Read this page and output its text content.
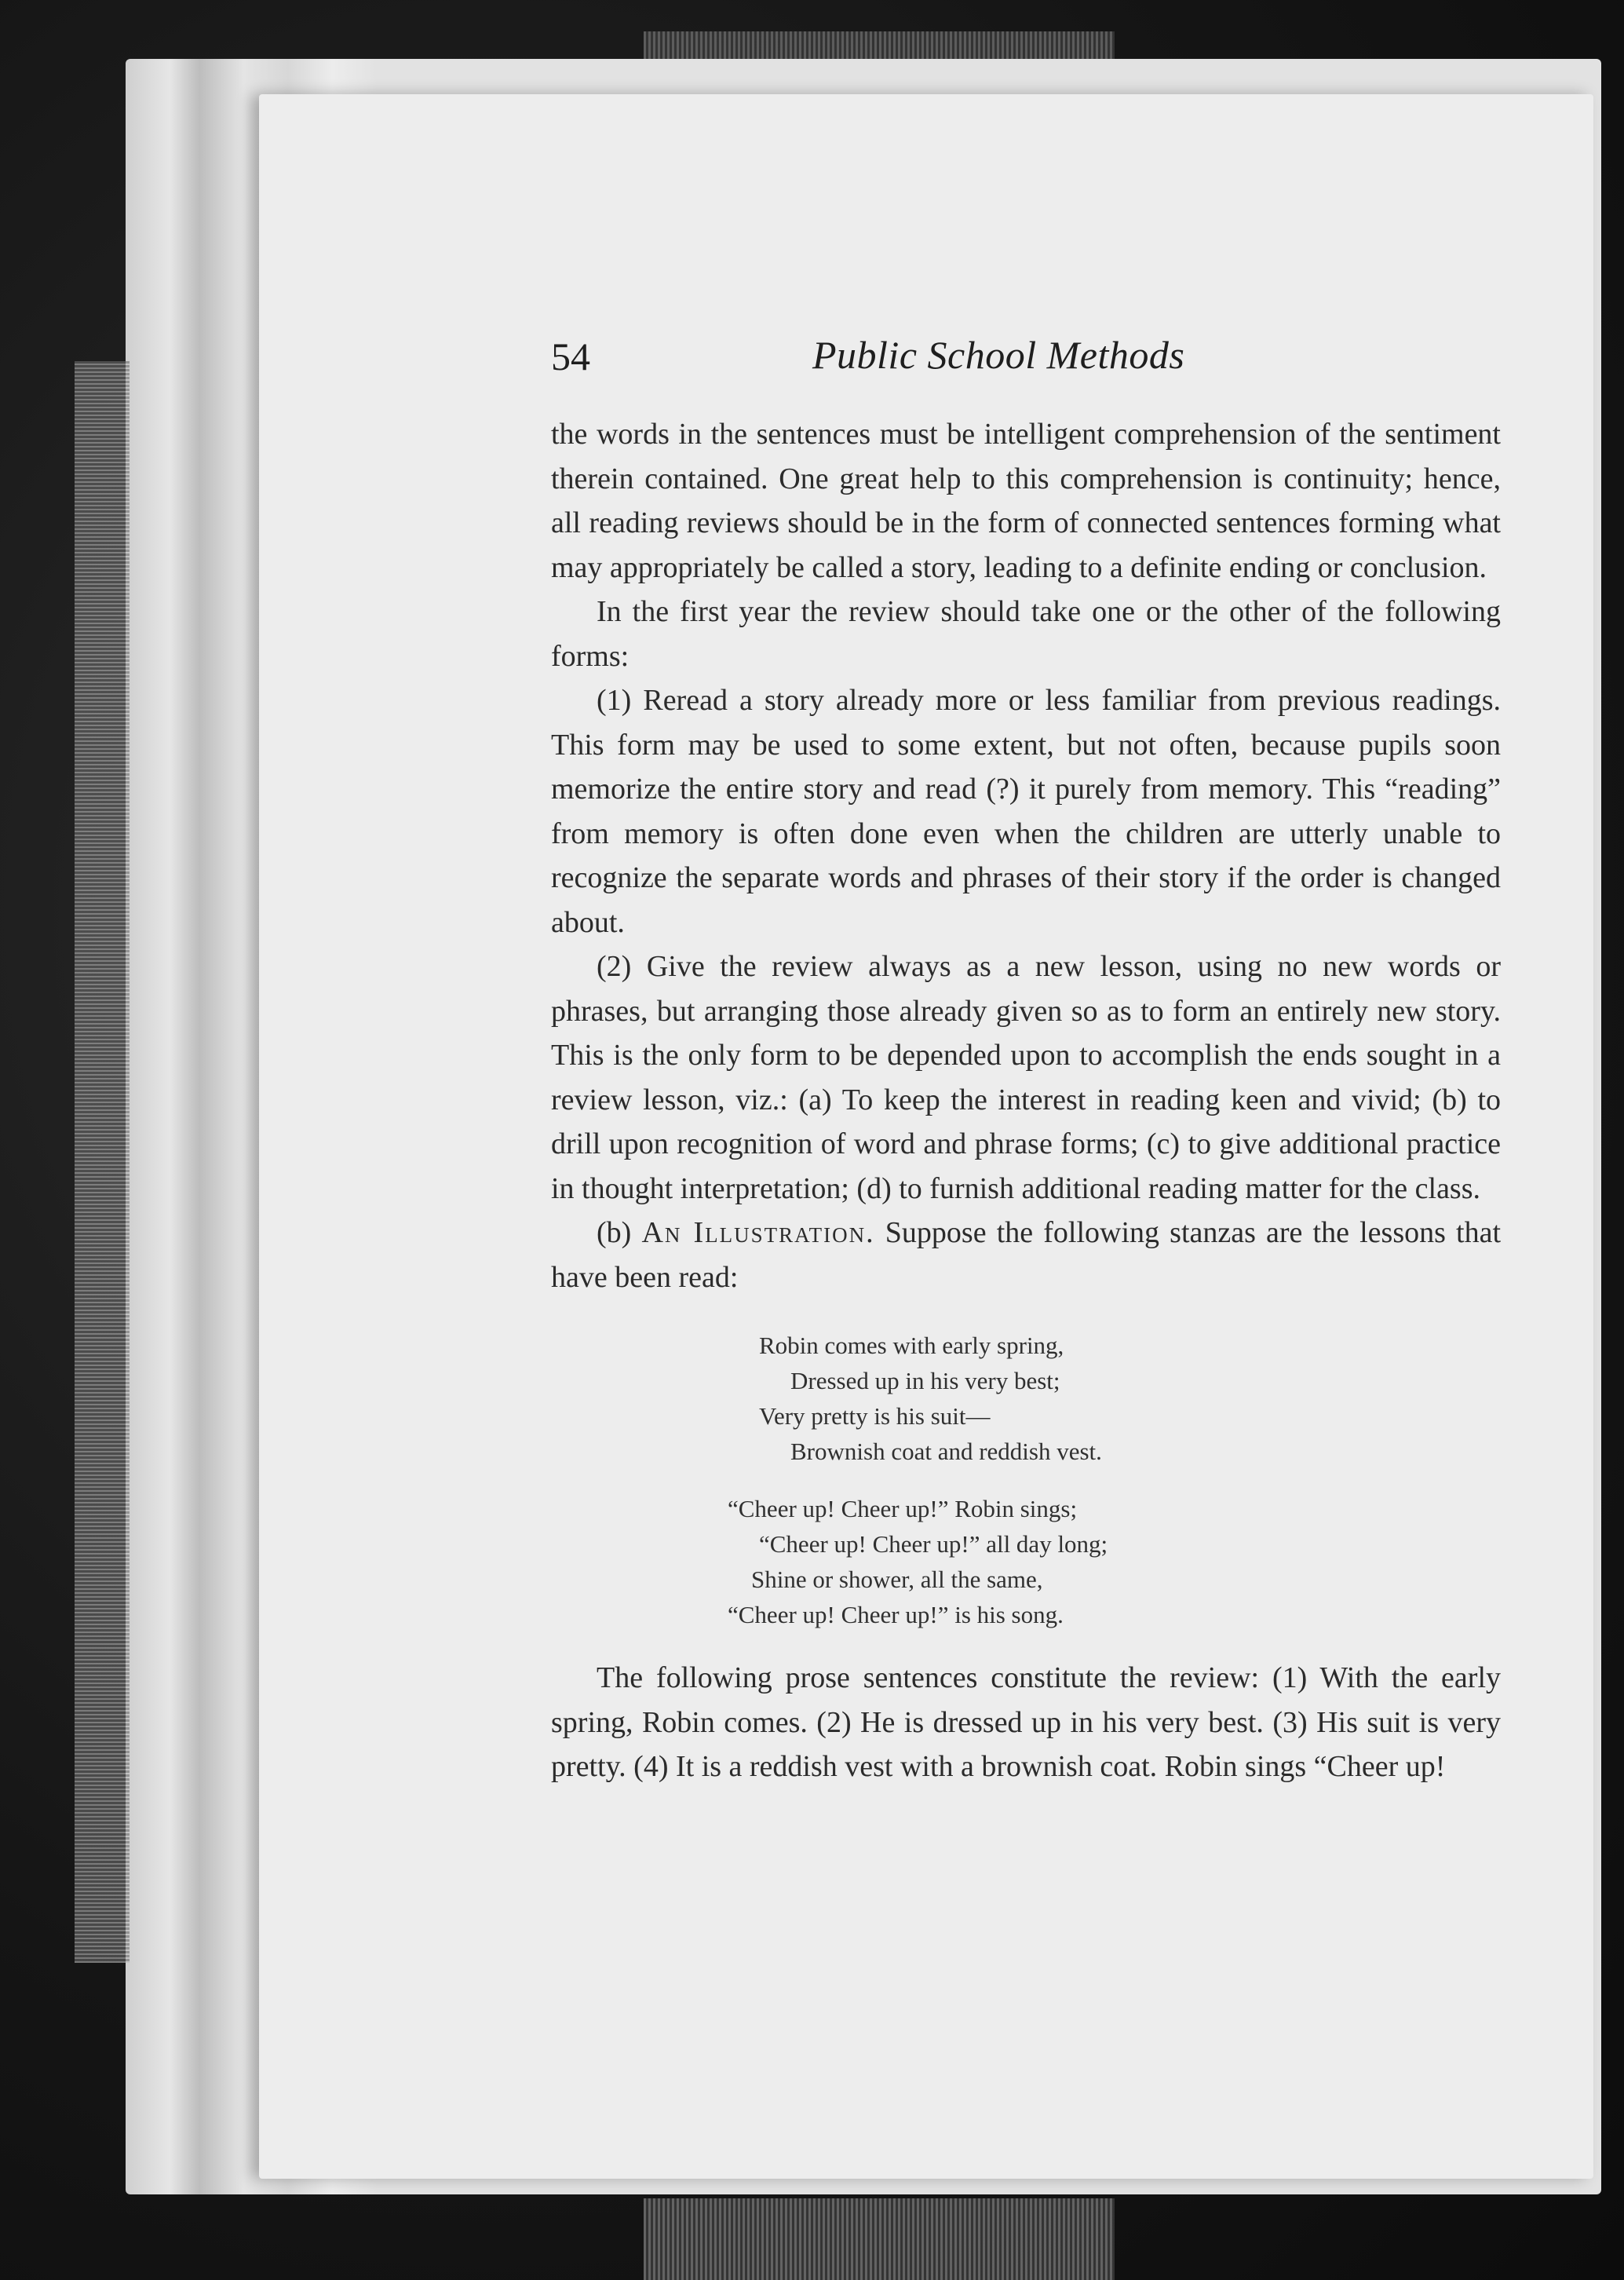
54	Public School Methods

the words in the sentences must be intelligent comprehension of the sentiment therein contained. One great help to this comprehension is continuity; hence, all reading reviews should be in the form of connected sentences forming what may appropriately be called a story, leading to a definite ending or conclusion.

In the first year the review should take one or the other of the following forms:

(1) Reread a story already more or less familiar from previous readings. This form may be used to some extent, but not often, because pupils soon memorize the entire story and read (?) it purely from memory. This “reading” from memory is often done even when the children are utterly unable to recognize the separate words and phrases of their story if the order is changed about.

(2) Give the review always as a new lesson, using no new words or phrases, but arranging those already given so as to form an entirely new story. This is the only form to be depended upon to accomplish the ends sought in a review lesson, viz.: (a) To keep the interest in reading keen and vivid; (b) to drill upon recognition of word and phrase forms; (c) to give additional practice in thought interpretation; (d) to furnish additional reading matter for the class.

(b) An Illustration. Suppose the following stanzas are the lessons that have been read:

Robin comes with early spring,
Dressed up in his very best;
Very pretty is his suit—
Brownish coat and reddish vest.
“Cheer up! Cheer up!” Robin sings;
“Cheer up! Cheer up!” all day long;
Shine or shower, all the same,
“Cheer up! Cheer up!” is his song.

The following prose sentences constitute the review: (1) With the early spring, Robin comes. (2) He is dressed up in his very best. (3) His suit is very pretty. (4) It is a reddish vest with a brownish coat. Robin sings “Cheer up!
